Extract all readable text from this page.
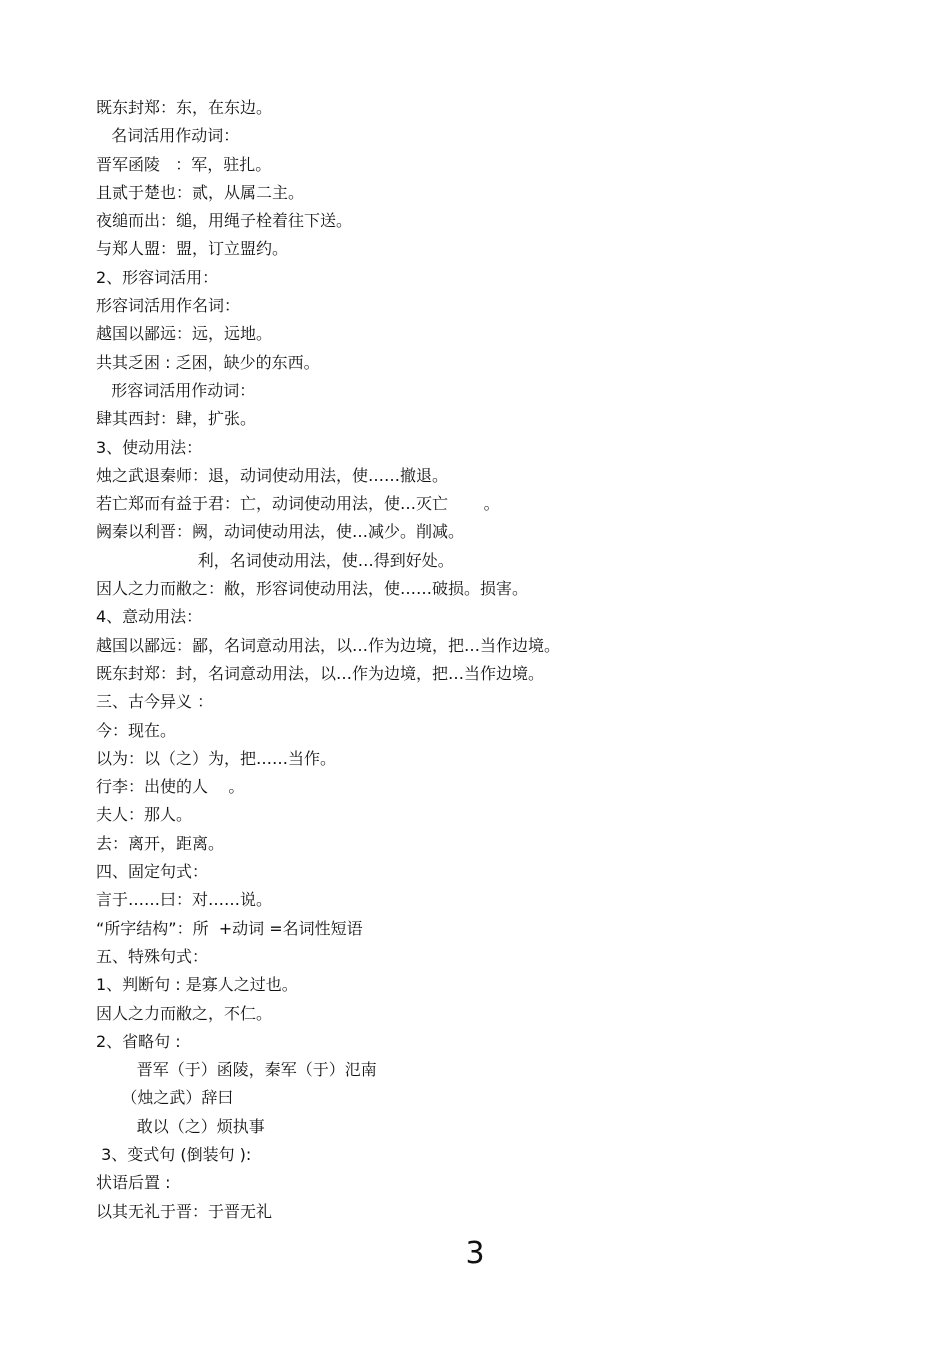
既东封郑：东，在东边。
名词活用作动词：
晋军函陵   ：军，驻扎。
且贰于楚也：贰，从属二主。
夜缒而出：缒，用绳子栓着往下送。
与郑人盟：盟，订立盟约。
2、形容词活用：
形容词活用作名词：
越国以鄙远：远，远地。
共其乏困 : 乏困，缺少的东西。
形容词活用作动词：
肆其西封：肆，扩张。
3、使动用法：
烛之武退秦师：退，动词使动用法，使……撤退。
若亡郑而有益于君：亡，动词使动用法，使…灭亡       。
阙秦以利晋：阙，动词使动用法，使…减少。削减。
利，名词使动用法，使…得到好处。
因人之力而敝之：敝，形容词使动用法，使……破损。损害。
4、意动用法：
越国以鄙远：鄙，名词意动用法，以…作为边境，把…当作边境。
既东封郑：封，名词意动用法，以…作为边境，把…当作边境。
三、古今异义 ：
今：现在。
以为：以（之）为，把……当作。
行李：出使的人    。
夫人：那人。
去：离开，距离。
四、固定句式：
言于……曰：对……说。
“所字结构”：所  +动词 =名词性短语
五、特殊句式：
1、判断句 : 是寡人之过也。
因人之力而敝之，不仁。
2、省略句 :
晋军（于）函陵，秦军（于）氾南
（烛之武）辞曰
敢以（之）烦执事
3、变式句 (倒装句 ):
状语后置 :
以其无礼于晋：于晋无礼
3
